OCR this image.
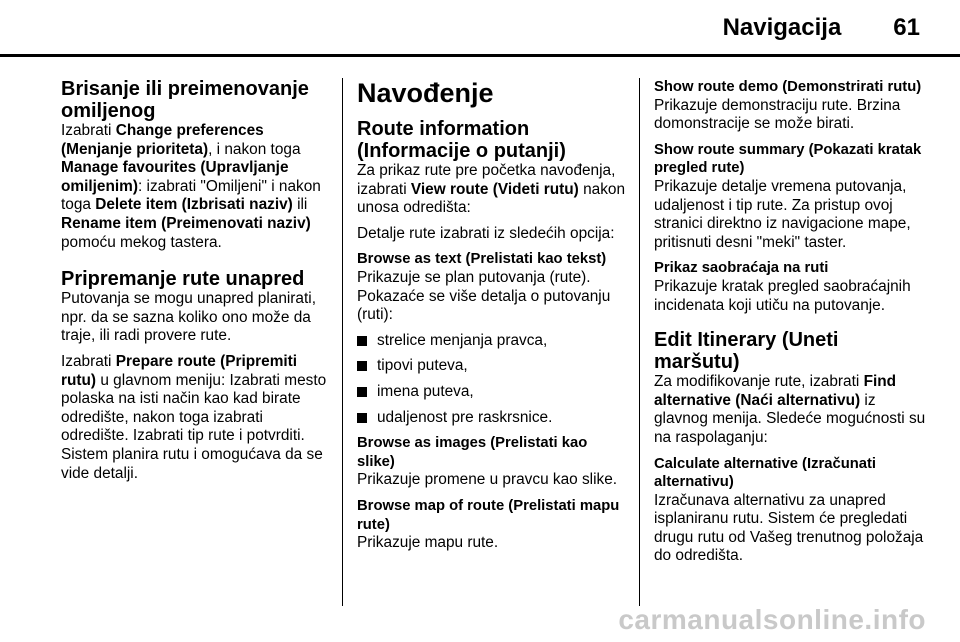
Navigacija 61
Brisanje ili preimenovanje omiljenog

Izabrati Change preferences (Menjanje prioriteta), i nakon toga Manage favourites (Upravljanje omiljenim): izabrati "Omiljeni" i nakon toga Delete item (Izbrisati naziv) ili Rename item (Preimenovati naziv) pomoću mekog tastera.

Pripremanje rute unapred

Putovanja se mogu unapred planirati, npr. da se sazna koliko ono može da traje, ili radi provere rute.

Izabrati Prepare route (Pripremiti rutu) u glavnom meniju: Izabrati mesto polaska na isti način kao kad birate odredište, nakon toga izabrati odredište. Izabrati tip rute i potvrditi. Sistem planira rutu i omogućava da se vide detalji.

Navođenje
Route information (Informacije o putanji)

Za prikaz rute pre početka navođenja, izabrati View route (Videti rutu) nakon unosa odredišta:

Detalje rute izabrati iz sledećih opcija:

Browse as text (Prelistati kao tekst)
Prikazuje se plan putovanja (rute). Pokazaće se više detalja o putovanju (ruti):
strelice menjanja pravca,
tipovi puteva,
imena puteva,
udaljenost pre raskrsnice.
Browse as images (Prelistati kao slike)
Prikazuje promene u pravcu kao slike.
Browse map of route (Prelistati mapu rute)
Prikazuje mapu rute.
Show route demo (Demonstrirati rutu)
Prikazuje demonstraciju rute. Brzina domonstracije se može birati.
Show route summary (Pokazati kratak pregled rute)
Prikazuje detalje vremena putovanja, udaljenost i tip rute. Za pristup ovoj stranici direktno iz navigacione mape, pritisnuti desni "meki" taster.
Prikaz saobraćaja na ruti
Prikazuje kratak pregled saobraćajnih incidenata koji utiču na putovanje.
Edit Itinerary (Uneti maršutu)

Za modifikovanje rute, izabrati Find alternative (Naći alternativu) iz glavnog menija. Sledeće mogućnosti su na raspolaganju:

Calculate alternative (Izračunati alternativu)
Izračunava alternativu za unapred isplaniranu rutu. Sistem će pregledati drugu rutu od Vašeg trenutnog položaja do odredišta.
carmanualsonline.info
